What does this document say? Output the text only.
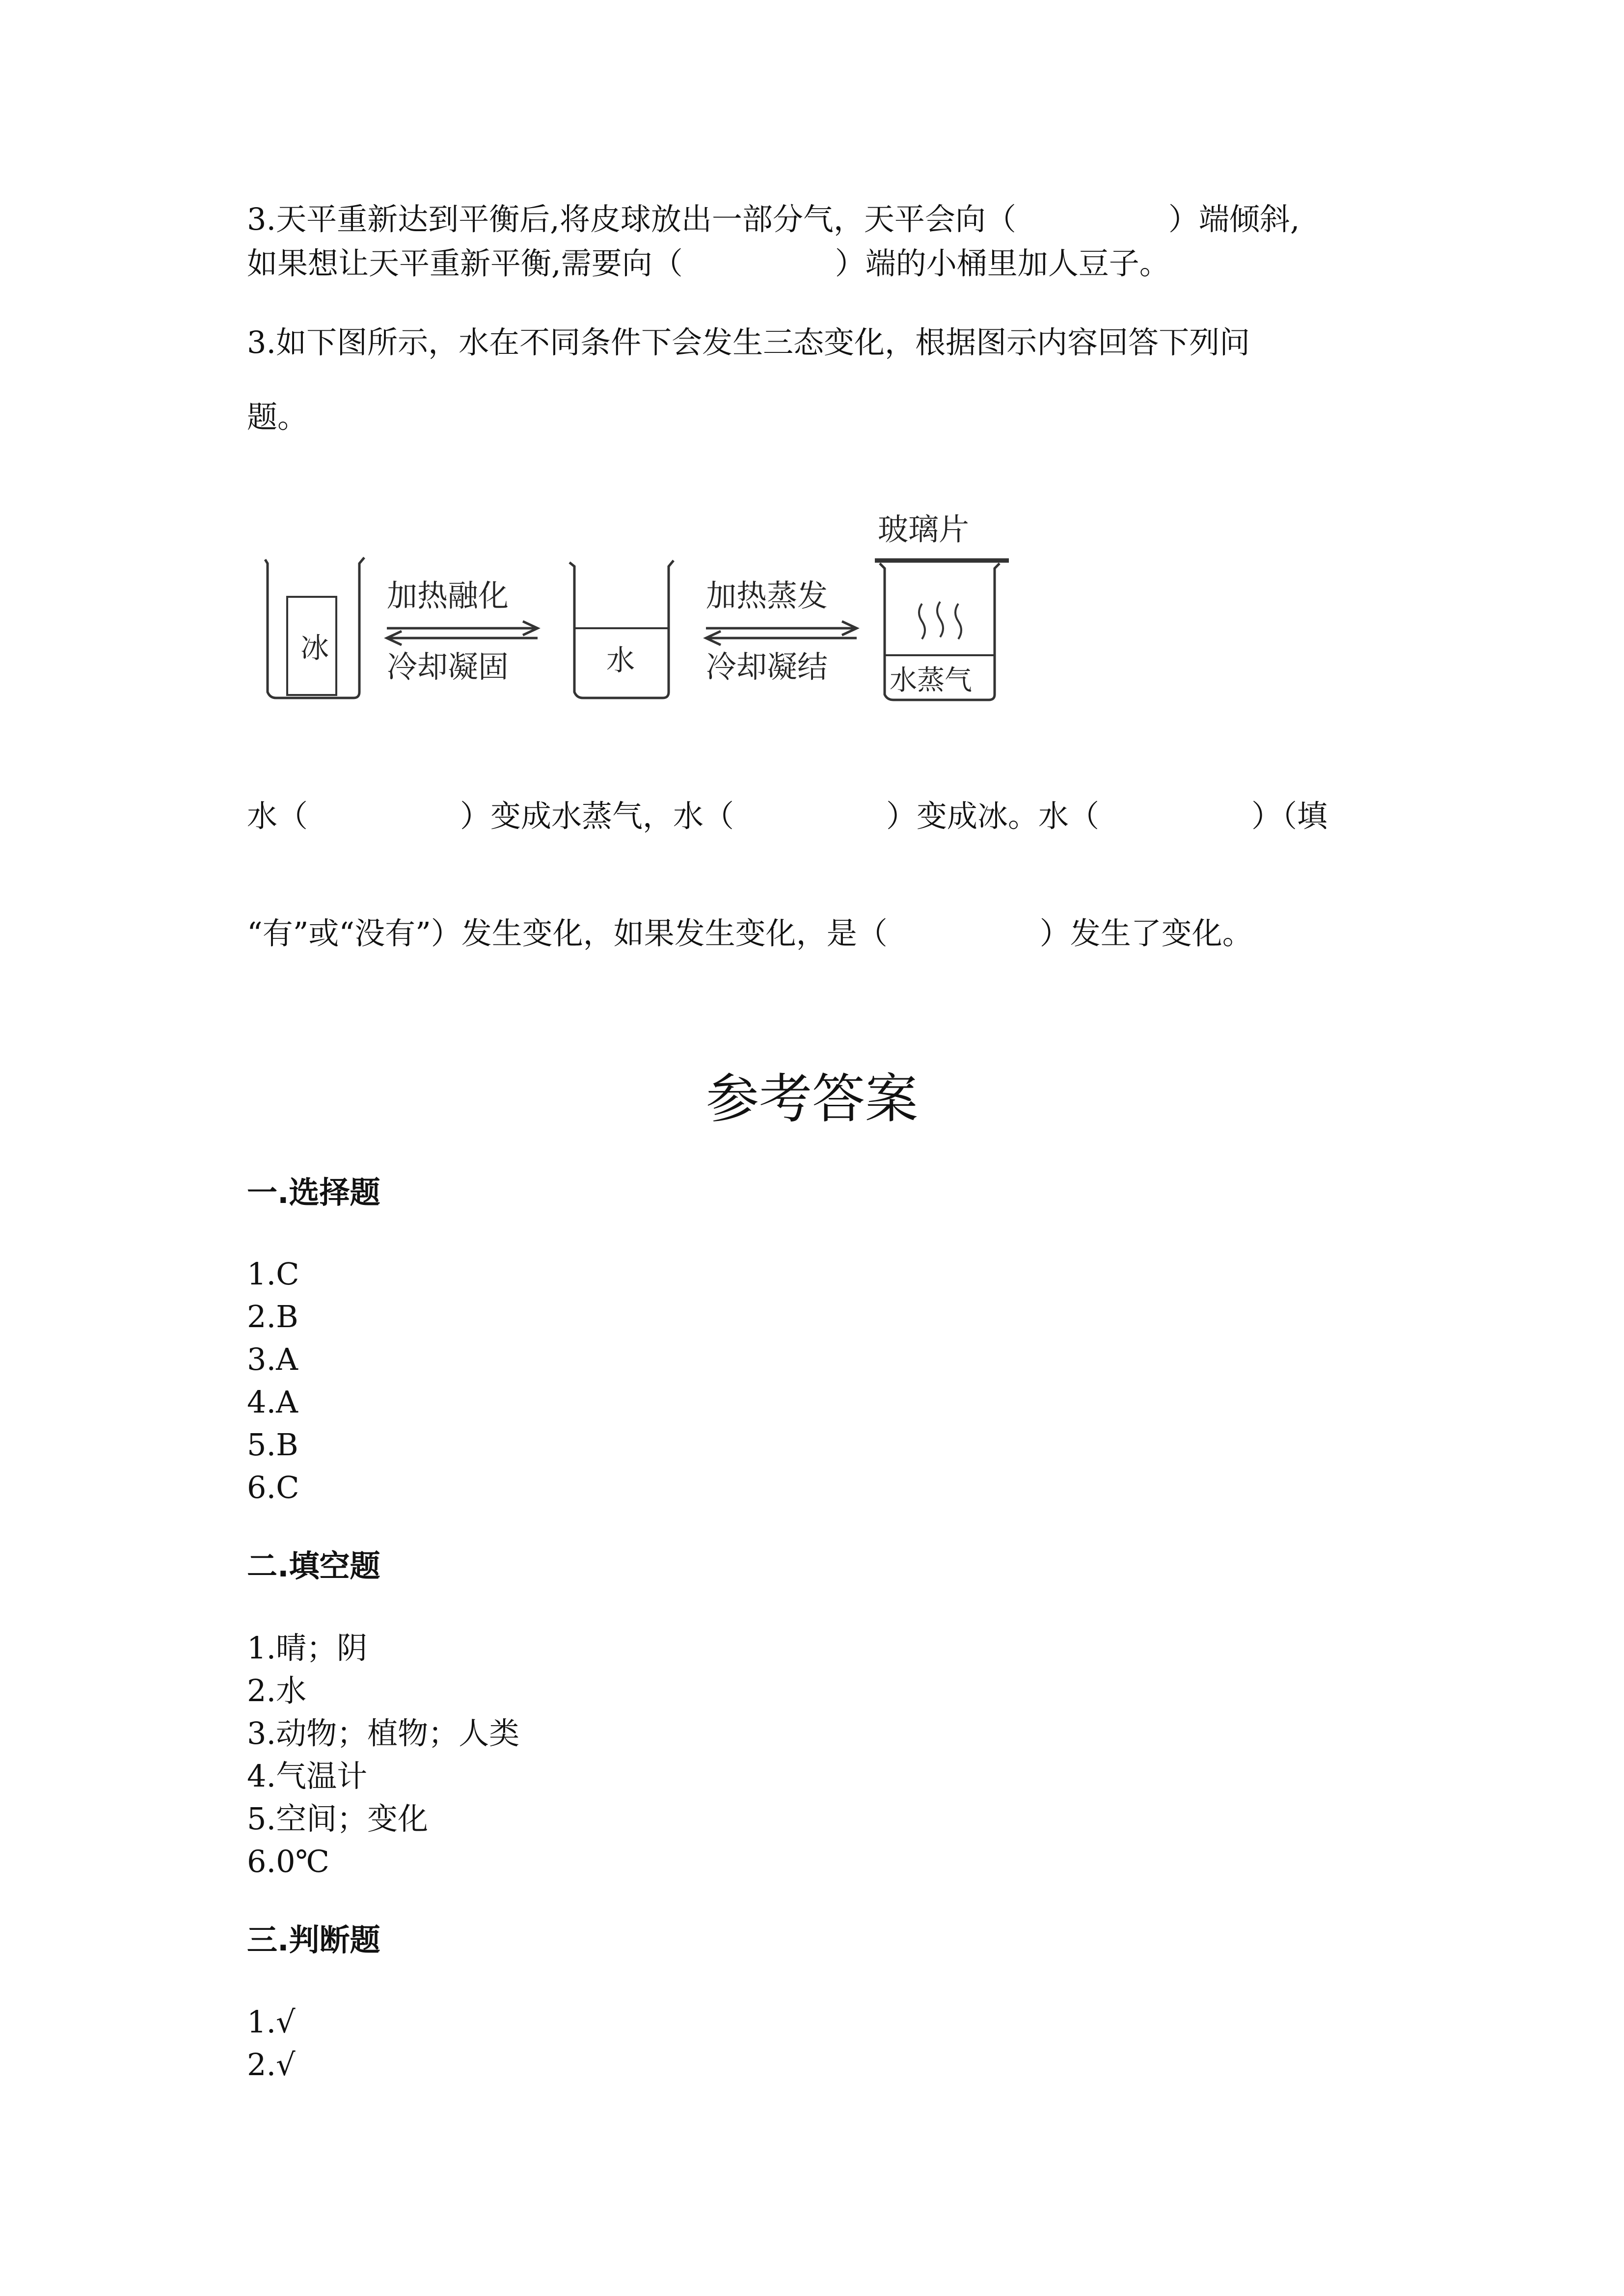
3.天平重新达到平衡后,将皮球放出一部分气，天平会向（　　　　　）端倾斜,
如果想让天平重新平衡,需要向（　　　　　）端的小桶里加人豆子。
3.如下图所示，水在不同条件下会发生三态变化，根据图示内容回答下列问
题。
冰
加热融化
冷却凝固	水
加热蒸发
冷却凝结
玻璃片
水蒸气
水（　　　　　）变成水蒸气，水（　　　　　）变成冰。水（　　　　　）（填
“有”或“没有”）发生变化，如果发生变化，是（　　　　　）发生了变化。
参考答案
一.选择题
1.C
2.B
3.A
4.A
5.B
6.C
二.填空题
1.晴；阴
2.水
3.动物；植物；人类
4.气温计
5.空间；变化
6.0℃
三.判断题
1.√
2.√
